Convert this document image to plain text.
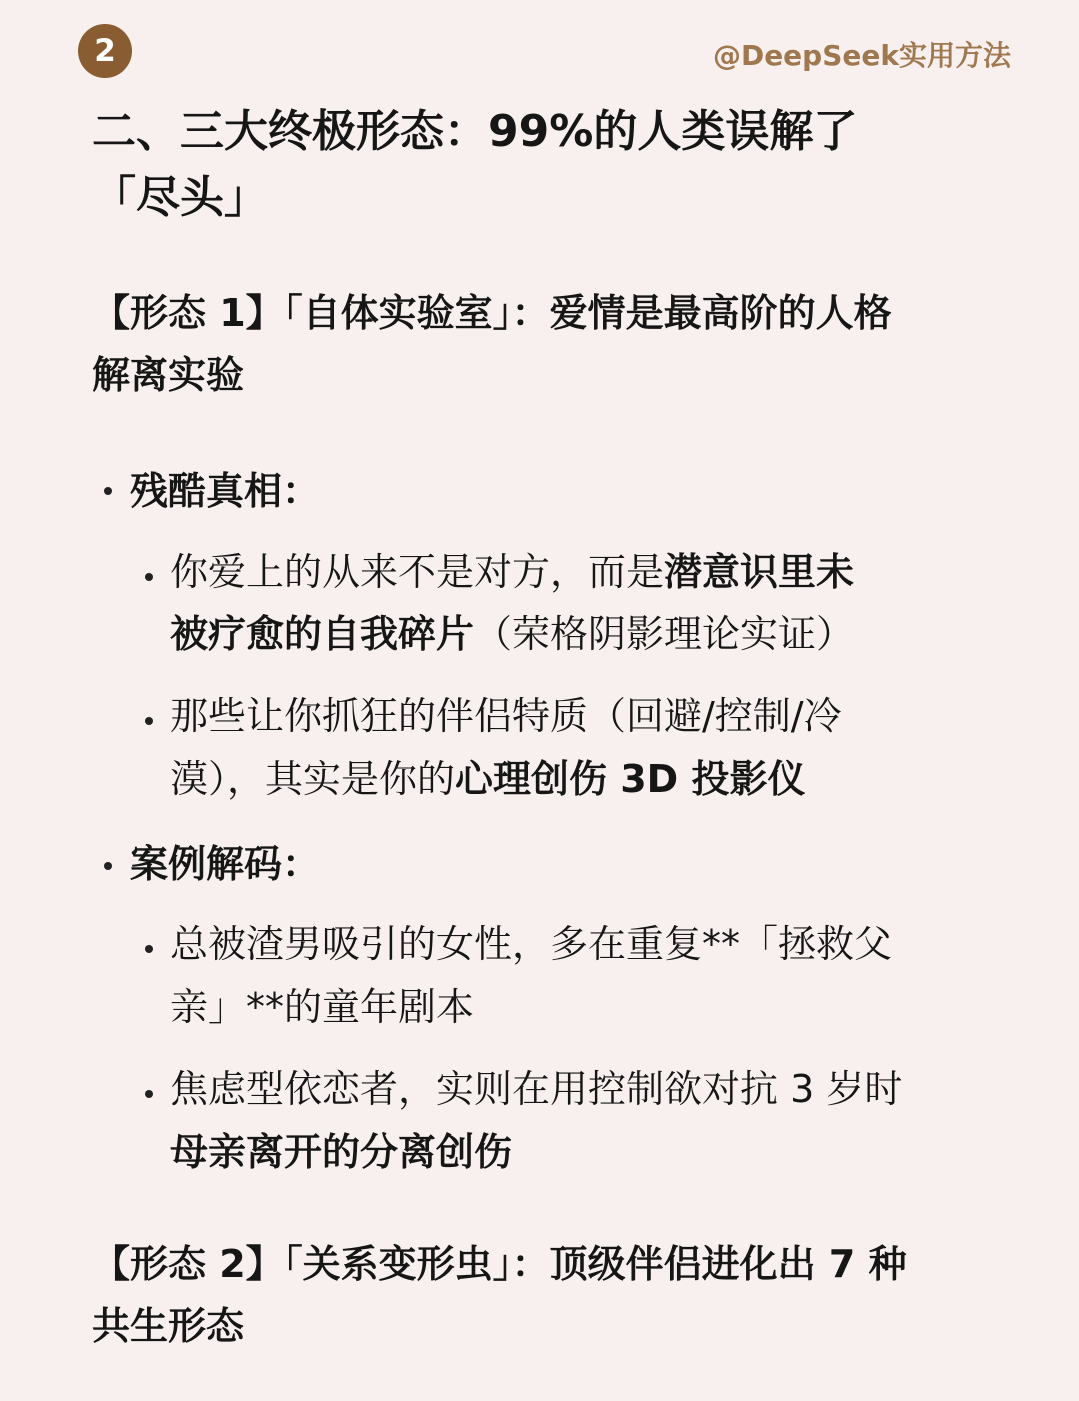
2	@DeepSeek实用方法
二、三大终极形态：99%的人类误解了
「尽头」
【形态 1】「自体实验室」：爱情是最高阶的人格
解离实验
残酷真相：
你爱上的从来不是对方，而是潜意识里未
被疗愈的自我碎片（荣格阴影理论实证）
那些让你抓狂的伴侣特质（回避/控制/冷
漠），其实是你的心理创伤 3D 投影仪
案例解码：
总被渣男吸引的女性，多在重复**「拯救父
亲」**的童年剧本
焦虑型依恋者，实则在用控制欲对抗 3 岁时
母亲离开的分离创伤
【形态 2】「关系变形虫」：顶级伴侣进化出 7 种
共生形态
